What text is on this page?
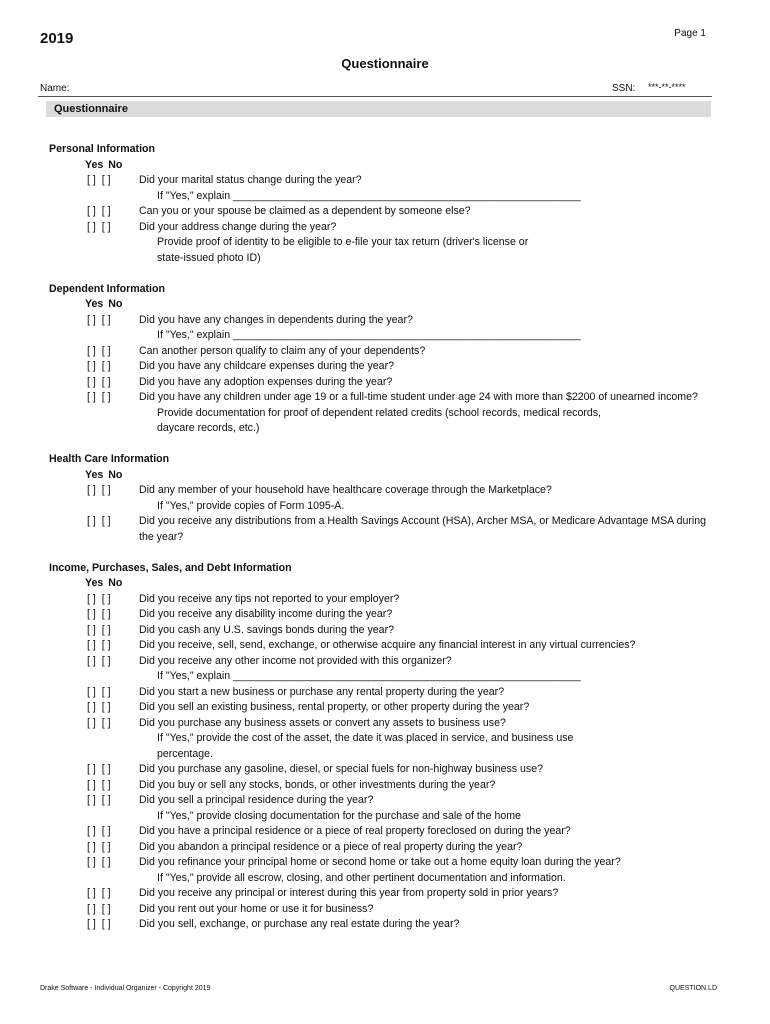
2019	Page 1
Questionnaire
Name:	SSN: ***-**-****
Questionnaire
Personal Information
Yes No
[ ]  [ ]	Did your marital status change during the year?
If "Yes," explain ___________________________________________________________
[ ]  [ ]	Can you or your spouse be claimed as a dependent by someone else?
[ ]  [ ]	Did your address change during the year?
Provide proof of identity to be eligible to e-file your tax return (driver's license or
state-issued photo ID)
Dependent Information
Yes No
[ ]  [ ]	Did you have any changes in dependents during the year?
If "Yes," explain ___________________________________________________________
[ ]  [ ]	Can another person qualify to claim any of your dependents?
[ ]  [ ]	Did you have any childcare expenses during the year?
[ ]  [ ]	Did you have any adoption expenses during the year?
[ ]  [ ]	Did you have any children under age 19 or a full-time student under age 24 with more than $2200 of unearned income?
Provide documentation for proof of dependent related credits (school records, medical records,
daycare records, etc.)
Health Care Information
Yes No
[ ]  [ ]	Did any member of your household have healthcare coverage through the Marketplace?
If "Yes," provide copies of Form 1095-A.
[ ]  [ ]	Did you receive any distributions from a Health Savings Account (HSA), Archer MSA, or Medicare Advantage MSA during the year?
Income, Purchases, Sales, and Debt Information
Yes No
[ ]  [ ]	Did you receive any tips not reported to your employer?
[ ]  [ ]	Did you receive any disability income during the year?
[ ]  [ ]	Did you cash any U.S. savings bonds during the year?
[ ]  [ ]	Did you receive, sell, send, exchange, or otherwise acquire any financial interest in any virtual currencies?
[ ]  [ ]	Did you receive any other income not provided with this organizer?
If "Yes," explain ___________________________________________________________
[ ]  [ ]	Did you start a new business or purchase any rental property during the year?
[ ]  [ ]	Did you sell an existing business, rental property, or other property during the year?
[ ]  [ ]	Did you purchase any business assets or convert any assets to business use?
If "Yes," provide the cost of the asset, the date it was placed in service, and business use
percentage.
[ ]  [ ]	Did you purchase any gasoline, diesel, or special fuels for non-highway business use?
[ ]  [ ]	Did you buy or sell any stocks, bonds, or other investments during the year?
[ ]  [ ]	Did you sell a principal residence during the year?
If "Yes," provide closing documentation for the purchase and sale of the home
[ ]  [ ]	Did you have a principal residence or a piece of real property foreclosed on during the year?
[ ]  [ ]	Did you abandon a principal residence or a piece of real property during the year?
[ ]  [ ]	Did you refinance your principal home or second home or take out a home equity loan during the year?
If "Yes," provide all escrow, closing, and other pertinent documentation and information.
[ ]  [ ]	Did you receive any principal or interest during this year from property sold in prior years?
[ ]  [ ]	Did you rent out your home or use it for business?
[ ]  [ ]	Did you sell, exchange, or purchase any real estate during the year?
Drake Software - Individual Organizer - Copyright 2019	QUESTION.LD
